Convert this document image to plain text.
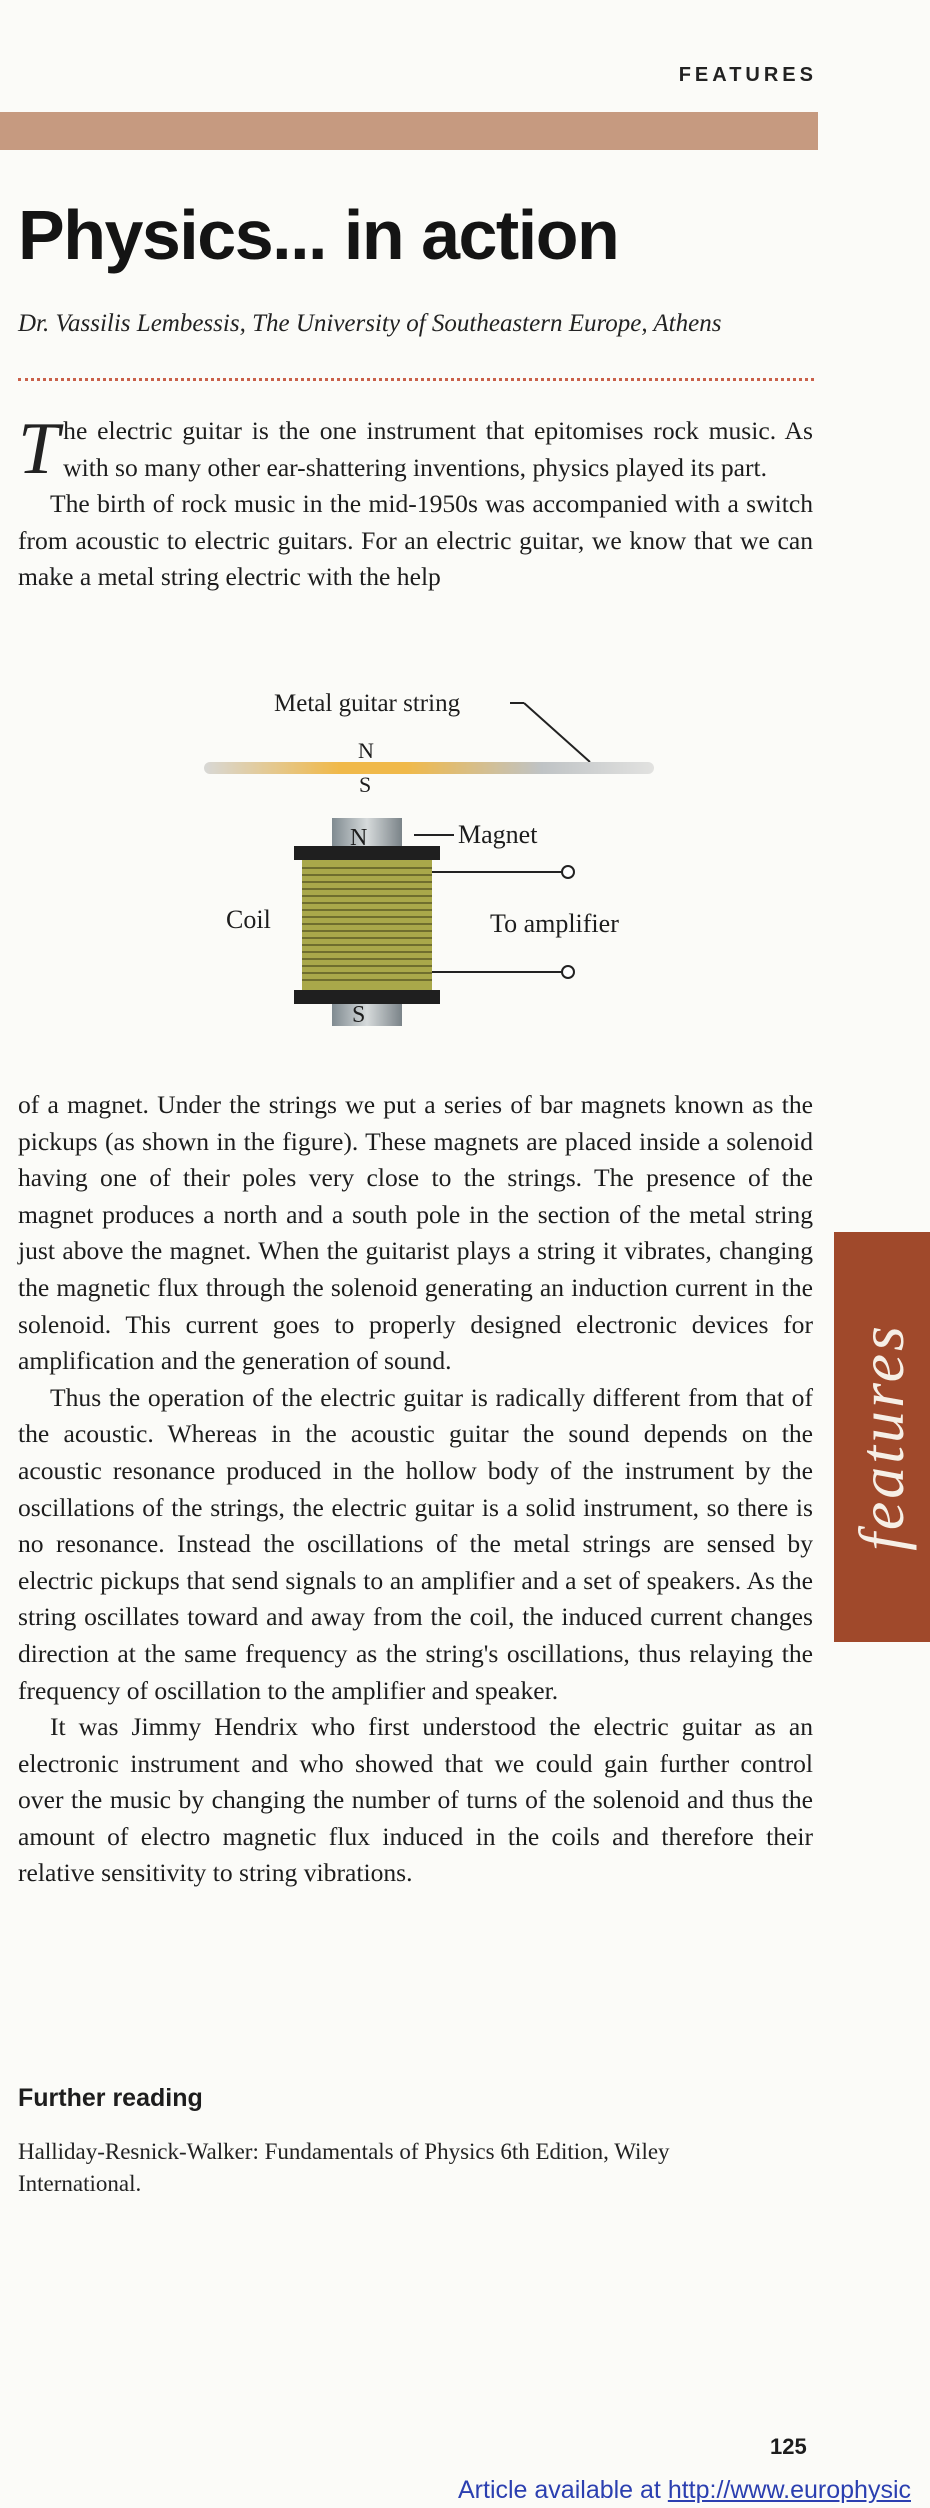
FEATURES
Physics... in action
Dr. Vassilis Lembessis, The University of Southeastern Europe, Athens

The electric guitar is the one instrument that epitomises rock music. As with so many other ear-shattering inventions, physics played its part.

The birth of rock music in the mid-1950s was accompanied with a switch from acoustic to electric guitars. For an electric guitar, we know that we can make a metal string electric with the help

Metal guitar string
N
S
N
S
Magnet
Coil	To amplifier

of a magnet. Under the strings we put a series of bar magnets known as the pickups (as shown in the figure). These magnets are placed inside a solenoid having one of their poles very close to the strings. The presence of the magnet produces a north and a south pole in the section of the metal string just above the magnet. When the guitarist plays a string it vibrates, changing the magnetic flux through the solenoid generating an induction current in the solenoid. This current goes to properly designed electronic devices for amplification and the generation of sound.

Thus the operation of the electric guitar is radically different from that of the acoustic. Whereas in the acoustic guitar the sound depends on the acoustic resonance produced in the hollow body of the instrument by the oscillations of the strings, the electric guitar is a solid instrument, so there is no resonance. Instead the oscillations of the metal strings are sensed by electric pickups that send signals to an amplifier and a set of speakers. As the string oscillates toward and away from the coil, the induced current changes direction at the same frequency as the string's oscillations, thus relaying the frequency of oscillation to the amplifier and speaker.

It was Jimmy Hendrix who first understood the electric guitar as an electronic instrument and who showed that we could gain further control over the music by changing the number of turns of the solenoid and thus the amount of electro magnetic flux induced in the coils and therefore their relative sensitivity to string vibrations.

features
Further reading
Halliday-Resnick-Walker: Fundamentals of Physics 6th Edition, Wiley International.
125
Article available at http://www.europhysic
